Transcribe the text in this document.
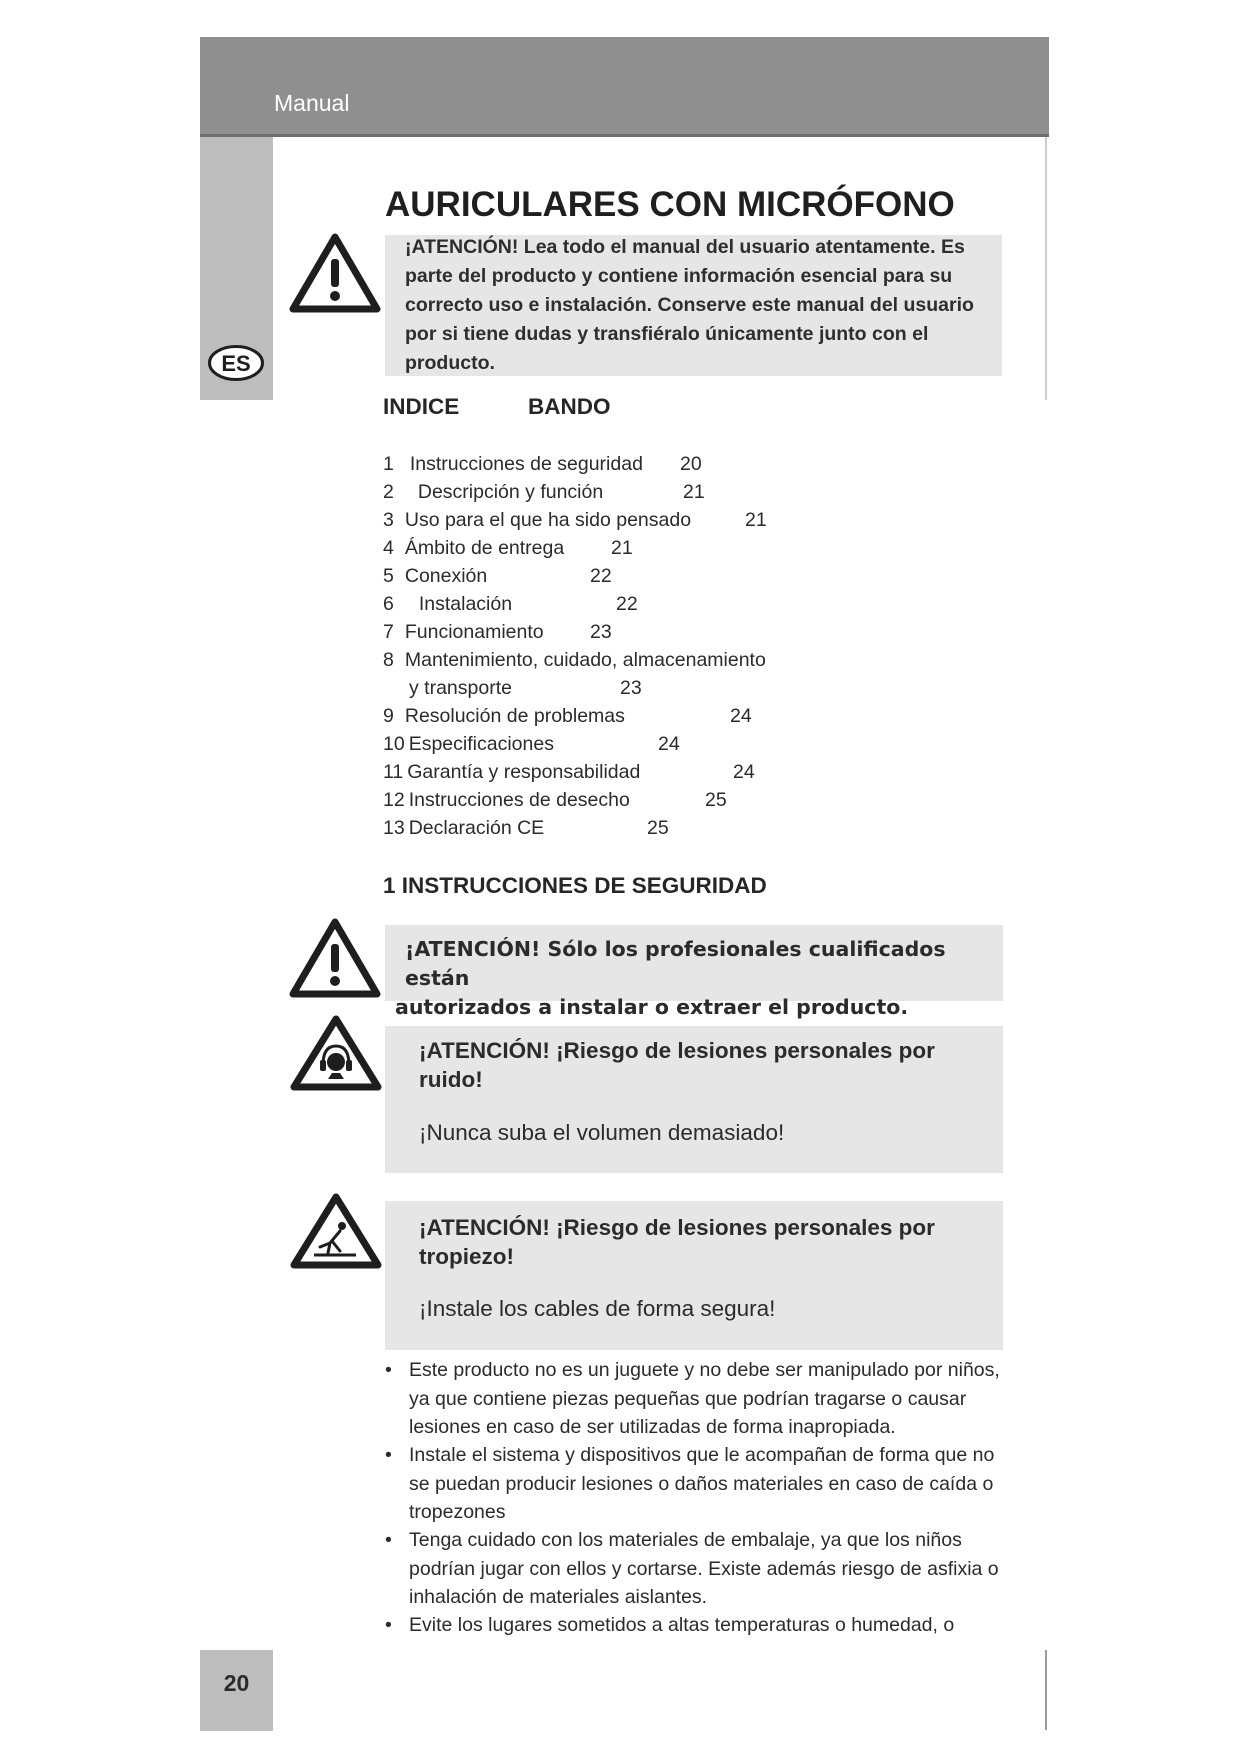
Manual
ES
AURICULARES CON MICRÓFONO
¡ATENCIÓN! Lea todo el manual del usuario atentamente. Es parte del producto y contiene información esencial para su correcto uso e instalación. Conserve este manual del usuario por si tiene dudas y transfiéralo únicamente junto con el producto.
INDICE	BANDO
1 Instrucciones de seguridad 20
2 Descripción y función	21
3 Uso para el que ha sido pensado	21
4 Ámbito de entrega 21
5 Conexión	22
6 Instalación	22
7 Funcionamiento 23
8 Mantenimiento, cuidado, almacenamiento
y transporte	23
9 Resolución de problemas	24
10 Especificaciones	24
11 Garantía y responsabilidad	24
12 Instrucciones de desecho	25
13 Declaración CE	25
1 INSTRUCCIONES DE SEGURIDAD
¡ATENCIÓN! Sólo los profesionales cualificados están
autorizados a instalar o extraer el producto.
¡ATENCIÓN! ¡Riesgo de lesiones personales por ruido!
¡Nunca suba el volumen demasiado!
¡ATENCIÓN! ¡Riesgo de lesiones personales por tropiezo!
¡Instale los cables de forma segura!
• Este producto no es un juguete y no debe ser manipulado por niños, ya que contiene piezas pequeñas que podrían tragarse o causar lesiones en caso de ser utilizadas de forma inapropiada.
• Instale el sistema y dispositivos que le acompañan de forma que no se puedan producir lesiones o daños materiales en caso de caída o tropezones
• Tenga cuidado con los materiales de embalaje, ya que los niños podrían jugar con ellos y cortarse. Existe además riesgo de asfixia o inhalación de materiales aislantes.
• Evite los lugares sometidos a altas temperaturas o humedad, o
20
